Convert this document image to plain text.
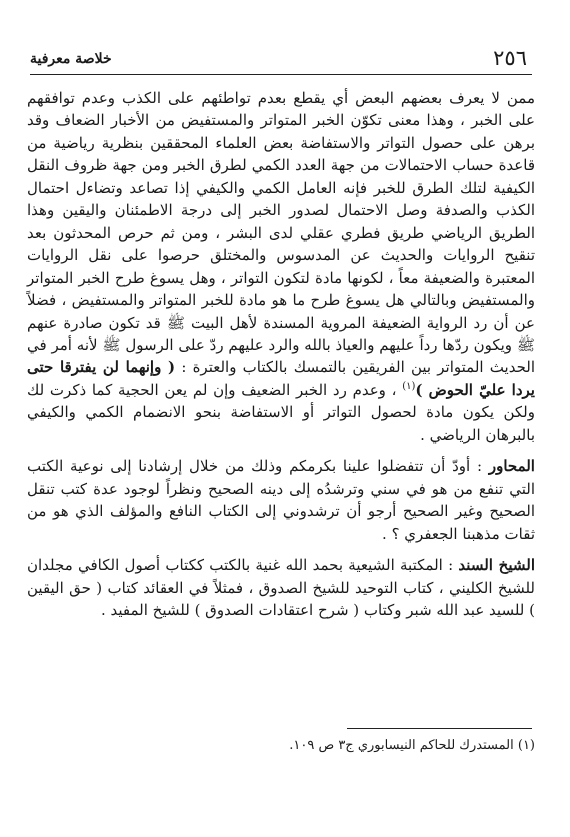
٢٥٦
خلاصة معرفية

ممن لا يعرف بعضهم البعض أي يقطع بعدم تواطئهم على الكذب وعدم توافقهم على الخبر ، وهذا معنى تكوّن الخبر المتواتر والمستفيض من الأخبار الضعاف وقد برهن على حصول التواتر والاستفاضة بعض العلماء المحققين بنظرية رياضية من قاعدة حساب الاحتمالات من جهة العدد الكمي لطرق الخبر ومن جهة ظروف النقل الكيفية لتلك الطرق للخبر فإنه العامل الكمي والكيفي إذا تصاعد وتضاءل احتمال الكذب والصدفة وصل الاحتمال لصدور الخبر إلى درجة الاطمئنان واليقين وهذا الطريق الرياضي طريق فطري عقلي لدى البشر ، ومن ثم حرص المحدثون بعد تنقيح الروايات والحديث عن المدسوس والمختلق حرصوا على نقل الروايات المعتبرة والضعيفة معاً ، لكونها مادة لتكون التواتر ، وهل يسوغ طرح الخبر المتواتر والمستفيض وبالتالي هل يسوغ طرح ما هو مادة للخبر المتواتر والمستفيض ، فضلاً عن أن رد الرواية الضعيفة المروية المسندة لأهل البيت ﷺ قد تكون صادرة عنهم ﷺ ويكون ردّها رداً عليهم والعياذ بالله والرد عليهم ردّ على الرسول ﷺ لأنه أمر في الحديث المتواتر بين الفريقين بالتمسك بالكتاب والعترة : ( وإنهما لن يفترقا حتى يردا عليّ الحوض )$^{(١)}$ ، وعدم رد الخبر الضعيف وإن لم يعن الحجية كما ذكرت لك ولكن يكون مادة لحصول التواتر أو الاستفاضة بنحو الانضمام الكمي والكيفي بالبرهان الرياضي .

المحاور : أودّ أن تتفضلوا علينا بكرمكم وذلك من خلال إرشادنا إلى نوعية الكتب التي تنفع من هو في سني وترشدُه إلى دينه الصحيح ونظراً لوجود عدة كتب تنقل الصحيح وغير الصحيح أرجو أن ترشدوني إلى الكتاب النافع والمؤلف الذي هو من ثقات مذهبنا الجعفري ؟ .

الشيخ السند : المكتبة الشيعية بحمد الله غنية بالكتب ككتاب أصول الكافي مجلدان للشيخ الكليني ، كتاب التوحيد للشيخ الصدوق ، فمثلاً في العقائد كتاب ( حق اليقين ) للسيد عبد الله شبر وكتاب ( شرح اعتقادات الصدوق ) للشيخ المفيد .

(١) المستدرك للحاكم النيسابوري ج٣ ص ١٠٩.
